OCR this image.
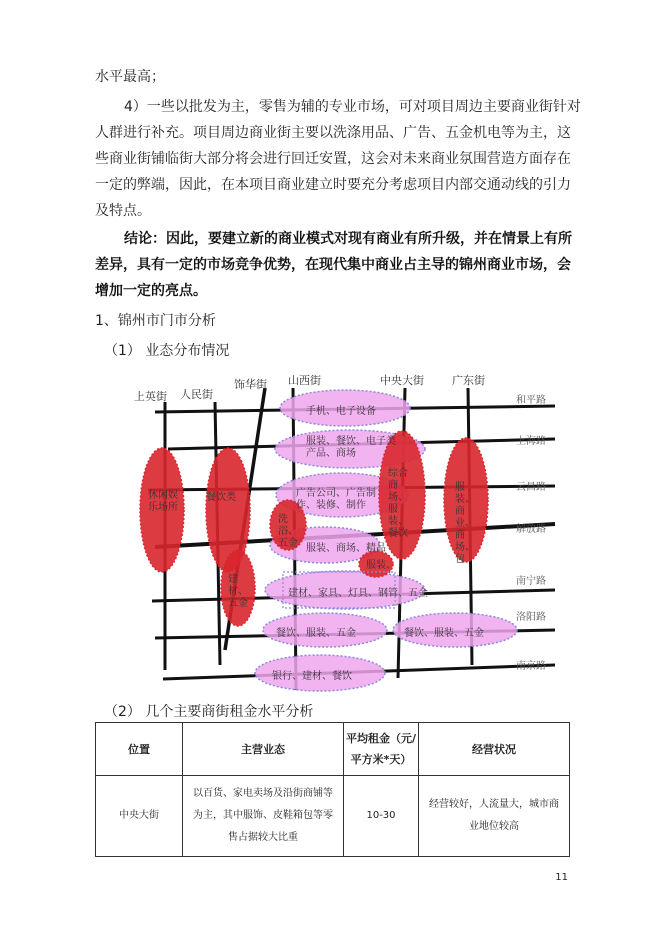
水平最高；
4）一些以批发为主，零售为辅的专业市场，可对项目周边主要商业街针对
人群进行补充。项目周边商业街主要以洗涤用品、广告、五金机电等为主，这
些商业街铺临街大部分将会进行回迁安置，这会对未来商业氛围营造方面存在
一定的弊端，因此，在本项目商业建立时要充分考虑项目内部交通动线的引力
及特点。
结论：因此，要建立新的商业模式对现有商业有所升级，并在情景上有所
差异，具有一定的市场竞争优势，在现代集中商业占主导的锦州商业市场，会
增加一定的亮点。
1、锦州市门市分析
（1） 业态分布情况
上英街 人民街
饰华街 山西街	中央大街	广东街
和平路
上海路
云昌路
解放路
南宁路
洛阳路
南京路
手机、电子设备
服装、餐饮、电子类产品、商场
广告公司、广告制作、装修、制作
服装、商场、精品
服装、
建材、家具、灯具、钢管、五金
餐饮、服装、五金	餐饮、服装、五金
银行、建材、餐饮
休闲娱乐场所
餐饮类
综合商场、服装、餐饮
服装、商业、商场、包
洗浴、五金
建材、五金
（2） 几个主要商街租金水平分析
位置	主营业态	平均租金（元/平方米*天）	经营状况
中央大街	以百货、家电卖场及沿街商铺等为主，其中服饰、皮鞋箱包等零售占据较大比重	10-30	经营较好，人流量大，城市商业地位较高
11
